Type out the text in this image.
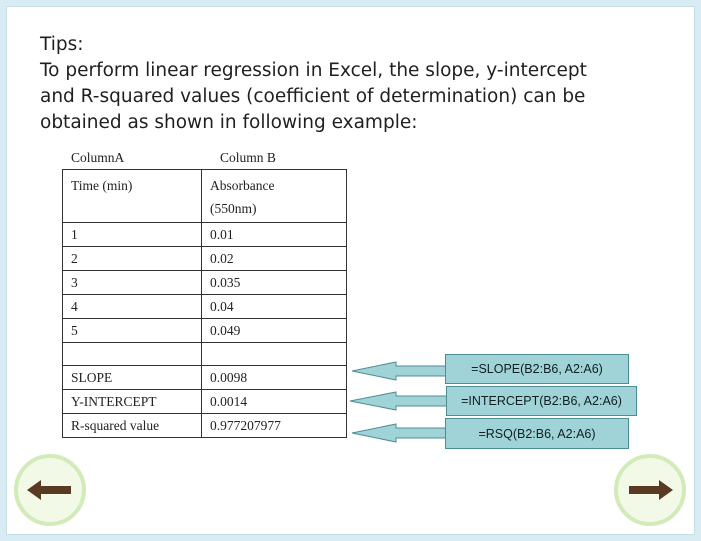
Tips:
To perform linear regression in Excel, the slope, y-intercept
and R-squared values (coefficient of determination) can be
obtained as shown in following example:
ColumnA	Column B
Time (min)	Absorbance
(550nm)

1	0.01
2	0.02
3	0.035
4	0.04
5	0.049

SLOPE	0.0098
Y-INTERCEPT	0.0014
R-squared value	0.977207977
=SLOPE(B2:B6, A2:A6)
=INTERCEPT(B2:B6, A2:A6)
=RSQ(B2:B6, A2:A6)
